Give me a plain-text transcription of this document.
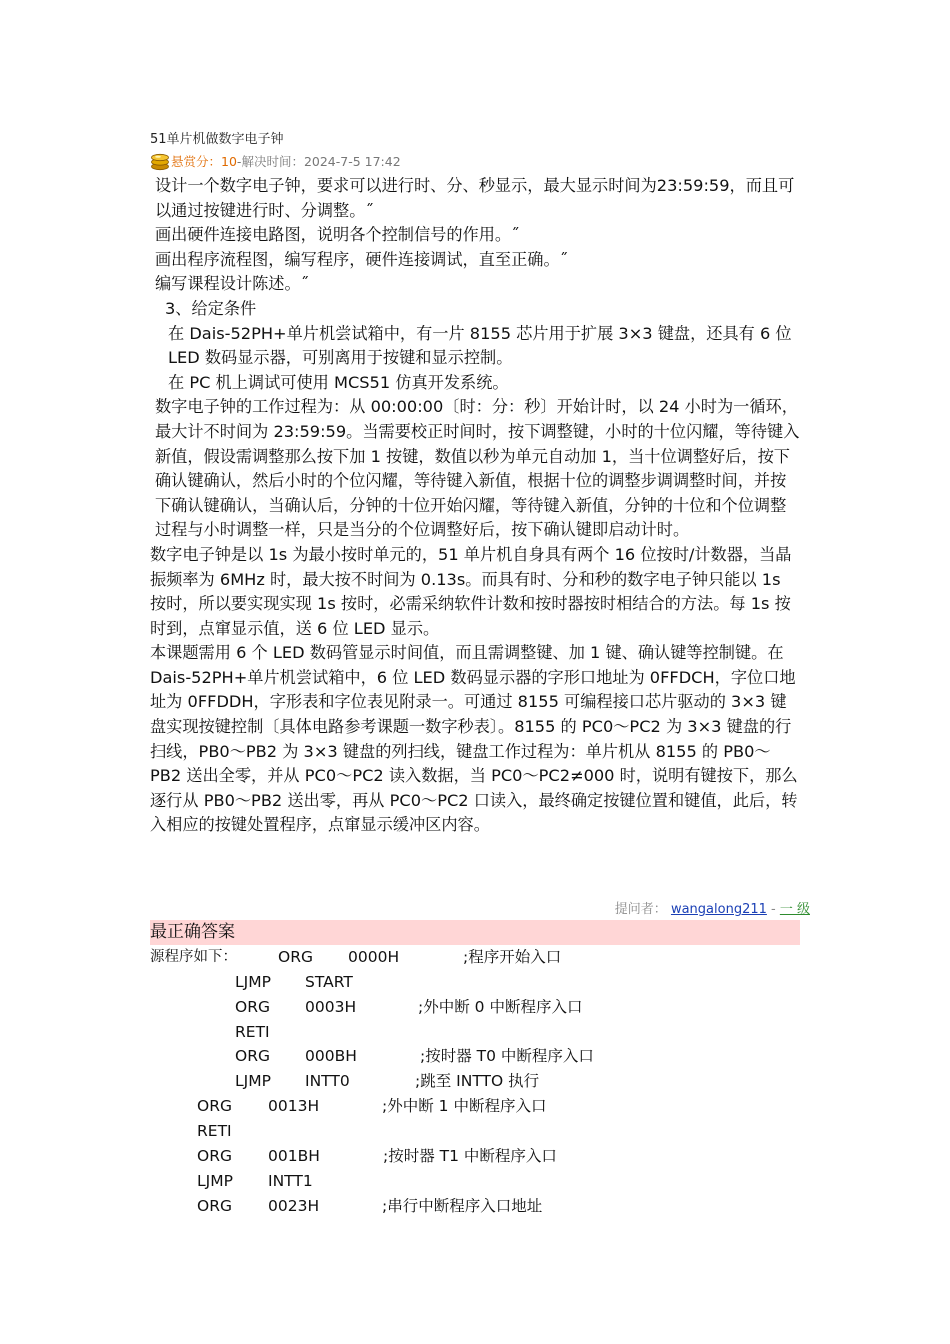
51单片机做数字电子钟
悬赏分： 10 - 解决时间：2024-7-5 17:42

设计一个数字电子钟，要求可以进行时、分、秒显示，最大显示时间为23:59:59，而且可以通过按键进行时、分调整。˝

画出硬件连接电路图，说明各个控制信号的作用。˝

画出程序流程图，编写程序，硬件连接调试，直至正确。˝

编写课程设计陈述。˝

3、给定条件

在 Dais-52PH+单片机尝试箱中，有一片 8155 芯片用于扩展 3×3 键盘，还具有 6 位 LED 数码显示器，可别离用于按键和显示控制。

在 PC 机上调试可使用 MCS51 仿真开发系统。

数字电子钟的工作过程为：从 00:00:00〔时：分：秒〕开始计时，以 24 小时为一循环，最大计不时间为 23:59:59。当需要校正时间时，按下调整键，小时的十位闪耀，等待键入新值，假设需调整那么按下加 1 按键，数值以秒为单元自动加 1，当十位调整好后，按下确认键确认，然后小时的个位闪耀，等待键入新值，根据十位的调整步调调整时间，并按下确认键确认，当确认后，分钟的十位开始闪耀，等待键入新值，分钟的十位和个位调整过程与小时调整一样，只是当分的个位调整好后，按下确认键即启动计时。

数字电子钟是以 1s 为最小按时单元的，51 单片机自身具有两个 16 位按时/计数器，当晶振频率为 6MHz 时，最大按不时间为 0.13s。而具有时、分和秒的数字电子钟只能以 1s 按时，所以要实现实现 1s 按时，必需采纳软件计数和按时器按时相结合的方法。每 1s 按时到，点窜显示值，送 6 位 LED 显示。

本课题需用 6 个 LED 数码管显示时间值，而且需调整键、加 1 键、确认键等控制键。在 Dais-52PH+单片机尝试箱中，6 位 LED 数码显示器的字形口地址为 0FFDCH，字位口地址为 0FFDDH，字形表和字位表见附录一。可通过 8155 可编程接口芯片驱动的 3×3 键盘实现按键控制〔具体电路参考课题一数字秒表〕。8155 的 PC0～PC2 为 3×3 键盘的行扫线，PB0～PB2 为 3×3 键盘的列扫线，键盘工作过程为：单片机从 8155 的 PB0～PB2 送出全零，并从 PC0～PC2 读入数据，当 PC0～PC2≠000 时，说明有键按下，那么逐行从 PB0～PB2 送出零，再从 PC0～PC2 口读入，最终确定按键位置和键值，此后，转入相应的按键处置程序，点窜显示缓冲区内容。

提问者： wangalong211 - 一 级
最正确答案
源程序如下：	ORG 0000H	;程序开始入口
LJMP START
ORG 0003H	;外中断 0 中断程序入口
RETI
ORG 000BH	;按时器 T0 中断程序入口
LJMP INTT0	;跳至 INTTO 执行
ORG 0013H	;外中断 1 中断程序入口
RETI
ORG 001BH	;按时器 T1 中断程序入口
LJMP INTT1
ORG 0023H	;串行中断程序入口地址
